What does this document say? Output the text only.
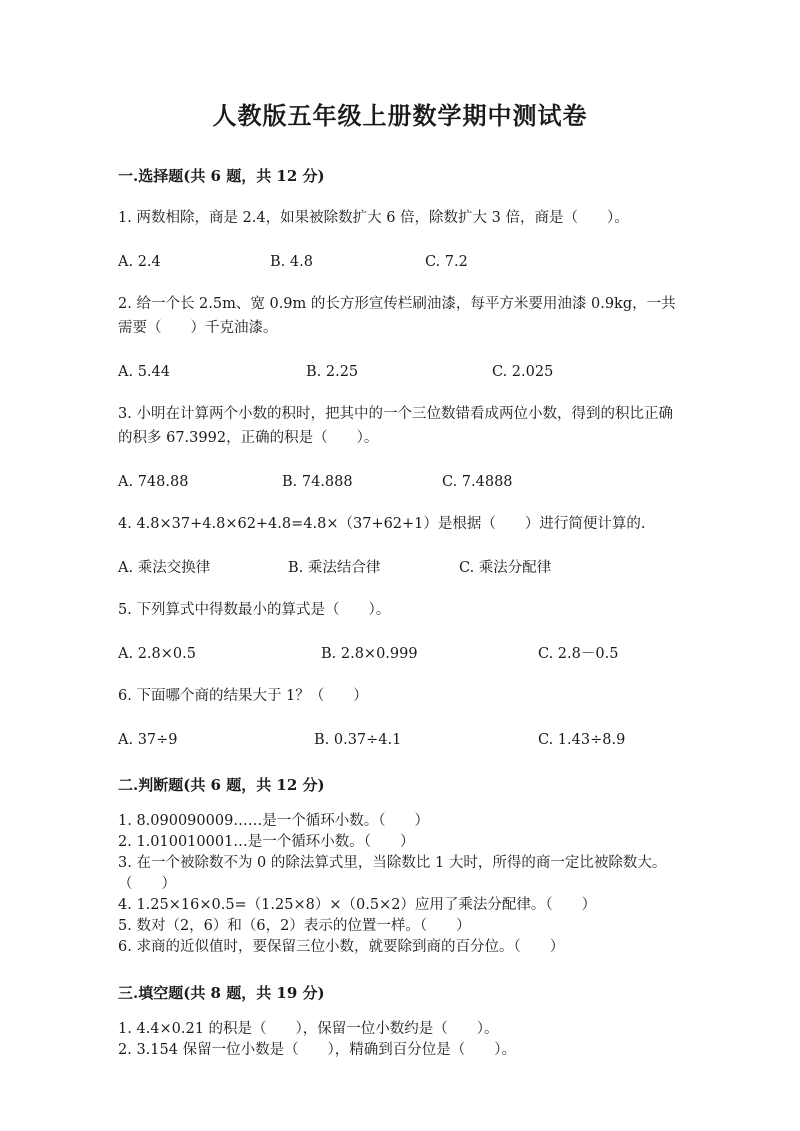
人教版五年级上册数学期中测试卷
一.选择题(共 6 题，共 12 分)

1. 两数相除，商是 2.4，如果被除数扩大 6 倍，除数扩大 3 倍，商是（　　）。

A. 2.4	B. 4.8	C. 7.2

2. 给一个长 2.5m、宽 0.9m 的长方形宣传栏刷油漆，每平方米要用油漆 0.9kg，一共需要（　　）千克油漆。

A. 5.44	B. 2.25	C. 2.025

3. 小明在计算两个小数的积时，把其中的一个三位数错看成两位小数，得到的积比正确的积多 67.3992，正确的积是（　　）。

A. 748.88	B. 74.888	C. 7.4888

4. 4.8×37+4.8×62+4.8=4.8×（37+62+1）是根据（　　）进行简便计算的.

A. 乘法交换律	B. 乘法结合律	C. 乘法分配律

5. 下列算式中得数最小的算式是（　　）。

A. 2.8×0.5	B. 2.8×0.999	C. 2.8－0.5

6. 下面哪个商的结果大于 1？（　　）

A. 37÷9	B. 0.37÷4.1	C. 1.43÷8.9
二.判断题(共 6 题，共 12 分)

1. 8.090090009……是一个循环小数。（　　）

2. 1.010010001…是一个循环小数。（　　）

3. 在一个被除数不为 0 的除法算式里，当除数比 1 大时，所得的商一定比被除数大。（　　）

4. 1.25×16×0.5=（1.25×8）×（0.5×2）应用了乘法分配律。（　　）

5. 数对（2，6）和（6，2）表示的位置一样。（　　）

6. 求商的近似值时，要保留三位小数，就要除到商的百分位。（　　）

三.填空题(共 8 题，共 19 分)

1. 4.4×0.21 的积是（　　），保留一位小数约是（　　）。

2. 3.154 保留一位小数是（　　），精确到百分位是（　　）。
